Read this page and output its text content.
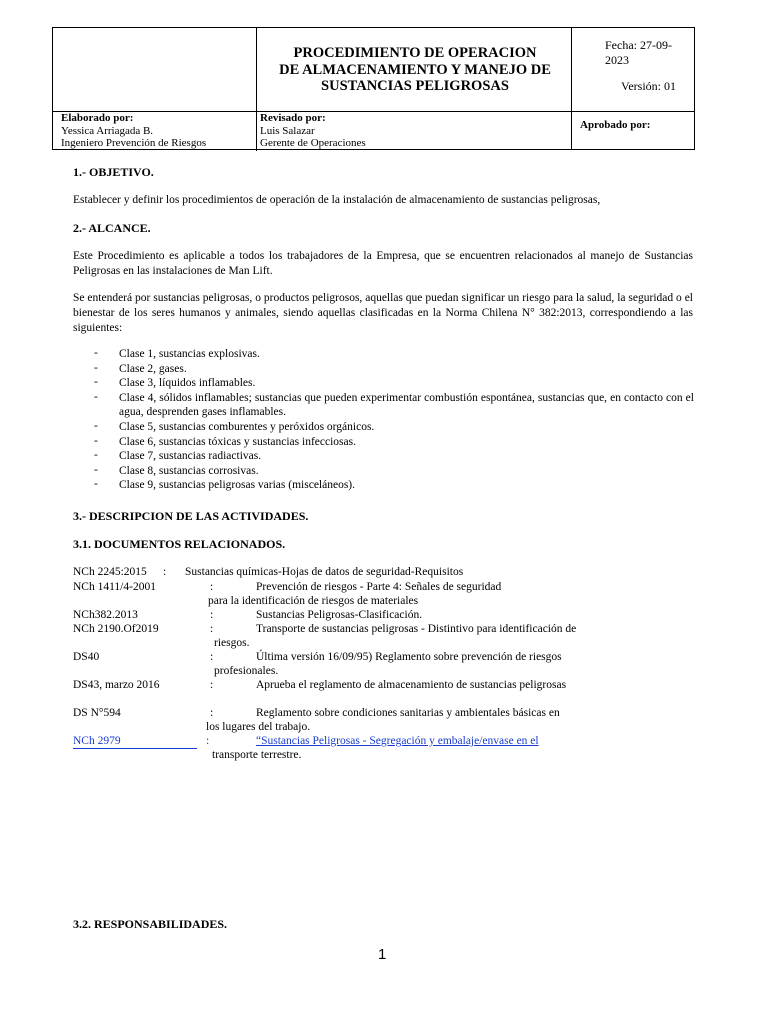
PROCEDIMIENTO DE OPERACION
DE ALMACENAMIENTO Y MANEJO DE
SUSTANCIAS PELIGROSAS
Fecha: 27-09-2023
Versión: 01
Elaborado por:
Yessica Arriagada B.
Ingeniero Prevención de Riesgos
Revisado por:
Luis Salazar
Gerente de Operaciones
Aprobado por:
1.- OBJETIVO.
Establecer y definir los procedimientos de operación de la instalación de almacenamiento de sustancias peligrosas,
2.- ALCANCE.
Este Procedimiento es aplicable a todos los trabajadores de la Empresa, que se encuentren relacionados al manejo de Sustancias Peligrosas en las instalaciones de Man Lift.
Se entenderá por sustancias peligrosas, o productos peligrosos, aquellas que puedan significar un riesgo para la salud, la seguridad o el bienestar de los seres humanos y animales, siendo aquellas clasificadas en la Norma Chilena N° 382:2013, correspondiendo a las siguientes:
- Clase 1, sustancias explosivas.
- Clase 2, gases.
- Clase 3, líquidos inflamables.
- Clase 4, sólidos inflamables; sustancias que pueden experimentar combustión espontánea, sustancias que, en contacto con el agua, desprenden gases inflamables.
- Clase 5, sustancias comburentes y peróxidos orgánicos.
- Clase 6, sustancias tóxicas y sustancias infecciosas.
- Clase 7, sustancias radiactivas.
- Clase 8, sustancias corrosivas.
- Clase 9, sustancias peligrosas varias (misceláneos).
3.- DESCRIPCION DE LAS ACTIVIDADES.
3.1. DOCUMENTOS RELACIONADOS.
NCh 2245:2015 : Sustancias químicas-Hojas de datos de seguridad-Requisitos
NCh 1411/4-2001	:	Prevención de riesgos - Parte 4: Señales de seguridad
para la identificación de riesgos de materiales
NCh382.2013	:	Sustancias Peligrosas-Clasificación.
NCh 2190.Of2019	:	Transporte de sustancias peligrosas - Distintivo para identificación de
riesgos.
DS40	:	Última versión 16/09/95) Reglamento sobre prevención de riesgos
profesionales.
DS43, marzo 2016	:	Aprueba el reglamento de almacenamiento de sustancias peligrosas
DS N°594	:	Reglamento sobre condiciones sanitarias y ambientales básicas en
los lugares del trabajo.
NCh 2979	:	“Sustancias Peligrosas - Segregación y embalaje/envase en el
transporte terrestre.
3.2. RESPONSABILIDADES.
1
